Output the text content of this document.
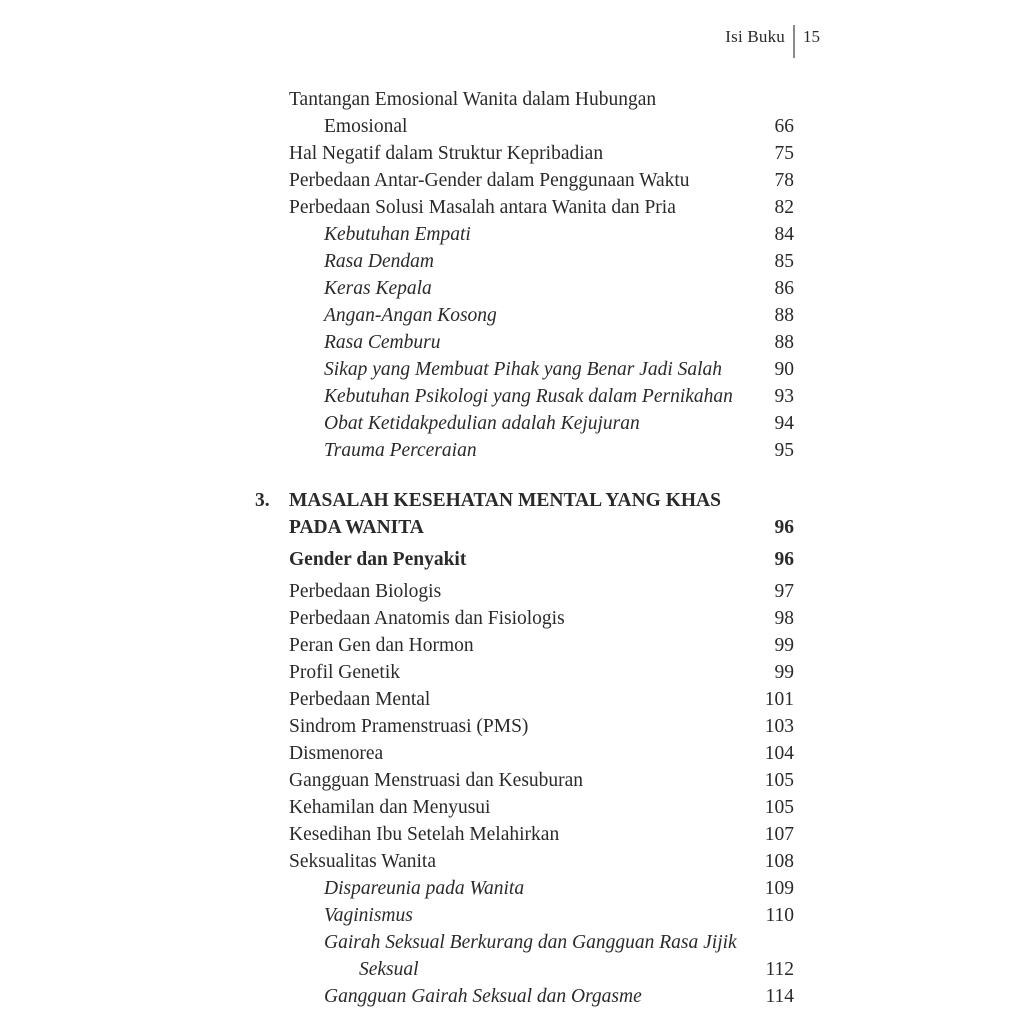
Isi Buku 15
Tantangan Emosional Wanita dalam Hubungan
Emosional	66
Hal Negatif dalam Struktur Kepribadian	75
Perbedaan Antar-Gender dalam Penggunaan Waktu	78
Perbedaan Solusi Masalah antara Wanita dan Pria	82
Kebutuhan Empati	84
Rasa Dendam	85
Keras Kepala	86
Angan-Angan Kosong	88
Rasa Cemburu	88
Sikap yang Membuat Pihak yang Benar Jadi Salah	90
Kebutuhan Psikologi yang Rusak dalam Pernikahan 93
Obat Ketidakpedulian adalah Kejujuran	94
Trauma Perceraian	95
3. MASALAH KESEHATAN MENTAL YANG KHAS
PADA WANITA	96
Gender dan Penyakit	96
Perbedaan Biologis	97
Perbedaan Anatomis dan Fisiologis	98
Peran Gen dan Hormon	99
Profil Genetik	99
Perbedaan Mental	101
Sindrom Pramenstruasi (PMS)	103
Dismenorea	104
Gangguan Menstruasi dan Kesuburan	105
Kehamilan dan Menyusui	105
Kesedihan Ibu Setelah Melahirkan	107
Seksualitas Wanita	108
Dispareunia pada Wanita	109
Vaginismus	110
Gairah Seksual Berkurang dan Gangguan Rasa Jijik
Seksual	112
Gangguan Gairah Seksual dan Orgasme	114
